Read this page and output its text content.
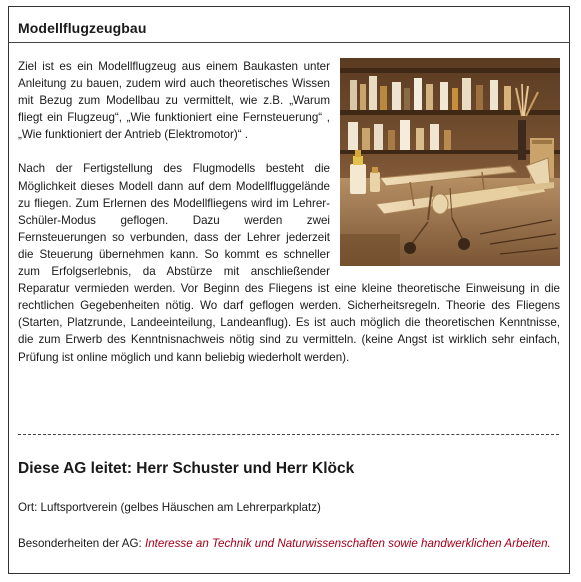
Modellflugzeugbau

Ziel ist es ein Modellflugzeug aus einem Baukasten unter Anleitung zu bauen, zudem wird auch theoretisches Wissen mit Bezug zum Modellbau zu vermittelt, wie z.B. „Warum fliegt ein Flugzeug“, „Wie funktioniert eine Fernsteuerung“ , „Wie funktioniert der Antrieb (Elektromotor)“ .

Nach der Fertigstellung des Flugmodells besteht die Möglichkeit dieses Modell dann auf dem Modellfluggelände zu fliegen. Zum Erlernen des Modellfliegens wird im Lehrer-Schüler-Modus geflogen. Dazu werden zwei Fernsteuerungen so verbunden, dass der Lehrer jederzeit die Steuerung übernehmen kann. So kommt es schneller zum Erfolgserlebnis, da Abstürze mit anschließender Reparatur vermieden werden. Vor Beginn des Fliegens ist eine kleine theoretische Einweisung in die rechtlichen Gegebenheiten nötig. Wo darf geflogen werden. Sicherheitsregeln. Theorie des Fliegens (Starten, Platzrunde, Landeeinteilung, Landeanflug). Es ist auch möglich die theoretischen Kenntnisse, die zum Erwerb des Kenntnisnachweis nötig sind zu vermitteln. (keine Angst ist wirklich sehr einfach, Prüfung ist online möglich und kann beliebig wiederholt werden).

Diese AG leitet: Herr Schuster und Herr Klöck
Ort: Luftsportverein (gelbes Häuschen am Lehrerparkplatz)
Besonderheiten der AG: Interesse an Technik und Naturwissenschaften sowie handwerklichen Arbeiten.
